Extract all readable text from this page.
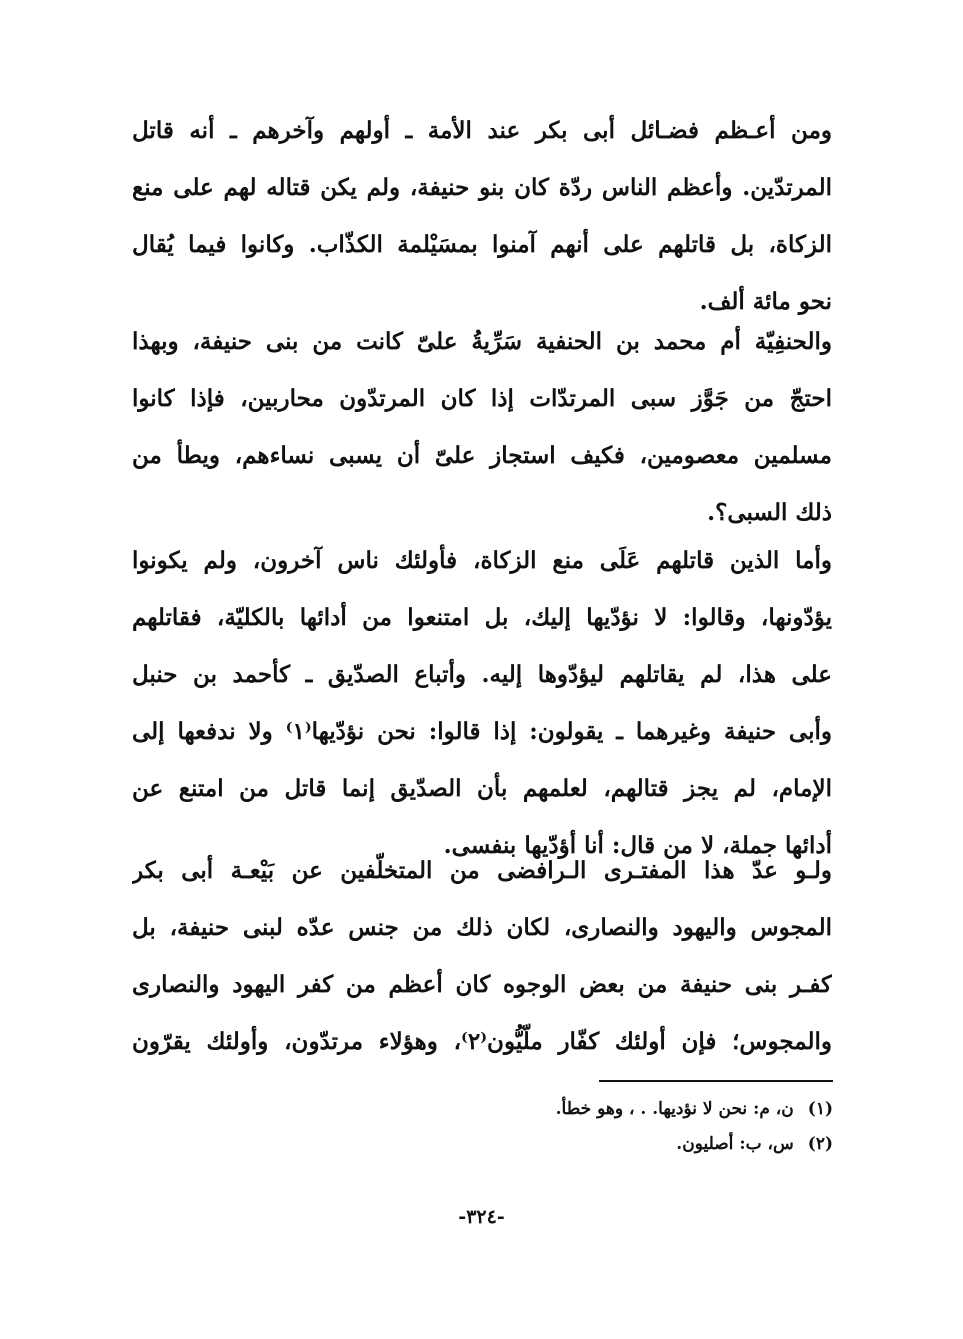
ومن أعـظم فضـائل أبى بكر عند الأمة ـ أولهم وآخرهم ـ أنه قاتل
المرتدّين. وأعظم الناس ردّة كان بنو حنيفة، ولم يكن قتاله لهم على منع
الزكاة، بل قاتلهم على أنهم آمنوا بمسَيْلمة الكذّاب. وكانوا فيما يُقال
نحو مائة ألف.
والحنفِيّة أم محمد بن الحنفية سَرِّيةُ علىّ كانت من بنى حنيفة، وبهذا
احتجّ من جَوَّز سبى المرتدّات إذا كان المرتدّون محاربين، فإذا كانوا
مسلمين معصومين، فكيف استجاز علىّ أن يسبى نساءهم، ويطأ من
ذلك السبى؟.
وأما الذين قاتلهم عَلَى منع الزكاة، فأولئك ناس آخرون، ولم يكونوا
يؤدّونها، وقالوا: لا نؤدّيها إليك، بل امتنعوا من أدائها بالكليّة، فقاتلهم
على هذا، لم يقاتلهم ليؤدّوها إليه. وأتباع الصدّيق ـ كأحمد بن حنبل
وأبى حنيفة وغيرهما ـ يقولون: إذا قالوا: نحن نؤدّيها⁽١⁾ ولا ندفعها إلى
الإمام، لم يجز قتالهم، لعلمهم بأن الصدّيق إنما قاتل من امتنع عن
أدائها جملة، لا من قال: أنا أؤدّيها بنفسى.
ولـو عدّ هذا المفتـرى الـرافضى من المتخلّفين عن بَيْعـة أبى بكر
المجوس واليهود والنصارى، لكان ذلك من جنس عدّه لبنى حنيفة، بل
كفـر بنى حنيفة من بعض الوجوه كان أعظم من كفر اليهود والنصارى
والمجوس؛ فإن أولئك كفّار ملّيُّون⁽٢⁾، وهؤلاء مرتدّون، وأولئك يقرّون
(١)ن، م: نحن لا نؤديها. . ، وهو خطأ.
(٢)س، ب: أصليون.
-٣٢٤-
